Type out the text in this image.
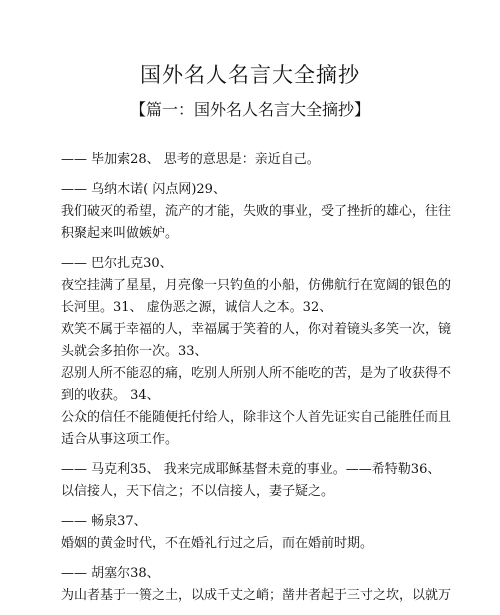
国外名人名言大全摘抄
【篇一：国外名人名言大全摘抄】
—— 毕加索28、 思考的意思是：亲近自己。
—— 乌纳木诺( 闪点网)29、
我们破灭的希望，流产的才能，失败的事业，受了挫折的雄心，往往
积聚起来叫做嫉妒。
—— 巴尔扎克30、
夜空挂满了星星，月亮像一只钓鱼的小船，仿佛航行在宽阔的银色的
长河里。31、 虚伪恶之源，诚信人之本。32、
欢笑不属于幸福的人，幸福属于笑着的人，你对着镜头多笑一次，镜
头就会多拍你一次。33、
忍别人所不能忍的痛，吃别人所别人所不能吃的苦，是为了收获得不
到的收获。 34、
公众的信任不能随便托付给人，除非这个人首先证实自己能胜任而且
适合从事这项工作。
—— 马克利35、 我来完成耶稣基督未竟的事业。——希特勒36、
以信接人，天下信之；不以信接人，妻子疑之。
—— 畅泉37、
婚姻的黄金时代，不在婚礼行过之后，而在婚前时期。
—— 胡塞尔38、
为山者基于一篑之土，以成千丈之峭；凿井者起于三寸之坎，以就万
